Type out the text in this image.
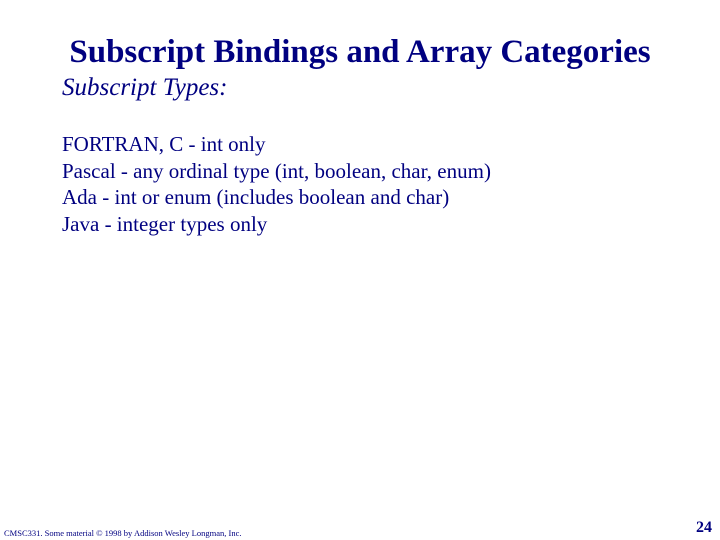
Subscript Bindings and Array Categories
Subscript Types:
FORTRAN, C - int only
Pascal - any ordinal type (int, boolean, char, enum)
Ada - int or enum (includes boolean and char)
Java - integer types only
CMSC331. Some material © 1998 by Addison Wesley Longman, Inc.	24
